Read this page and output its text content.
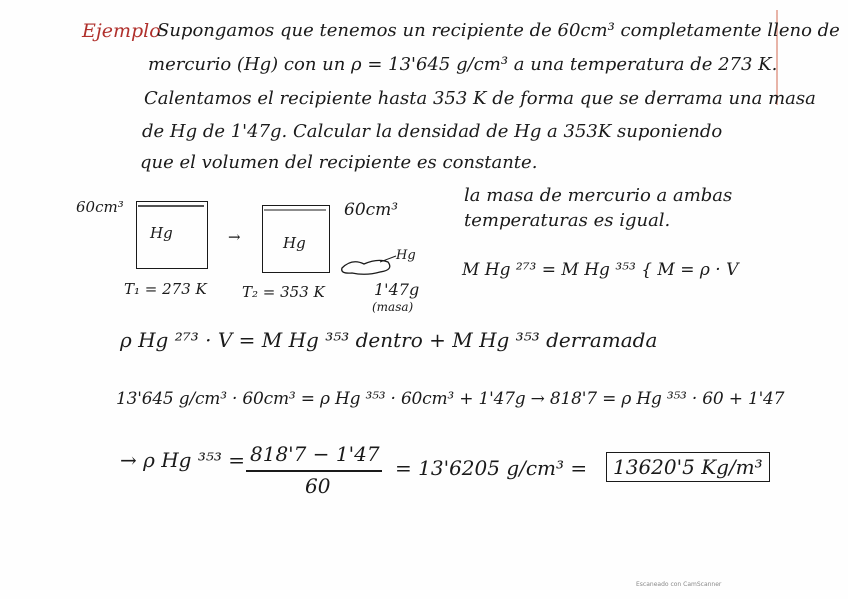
Ejemplo
Supongamos que tenemos un recipiente de 60cm³ completamente lleno de
mercurio (Hg) con un ρ = 13'645 g/cm³ a una temperatura de 273 K.
Calentamos el recipiente hasta 353 K de forma que se derrama una masa
de Hg de 1'47g. Calcular la densidad de Hg a 353K suponiendo
que el volumen del recipiente es constante.
60cm³
Hg	→	Hg
60cm³
T₁ = 273 K T₂ = 353 K
Hg
1'47g
(masa)
la masa de mercurio a ambas
temperaturas es igual.
M Hg ²⁷³ = M Hg ³⁵³ { M = ρ · V
ρ Hg ²⁷³ · V = M Hg ³⁵³ dentro + M Hg ³⁵³ derramada
13'645 g/cm³ · 60cm³ = ρ Hg ³⁵³ · 60cm³ + 1'47g → 818'7 = ρ Hg ³⁵³ · 60 + 1'47
→ ρ Hg ³⁵³ = 818'7 − 1'47
60
= 13'6205 g/cm³ =	13620'5 Kg/m³
Escaneado con CamScanner
